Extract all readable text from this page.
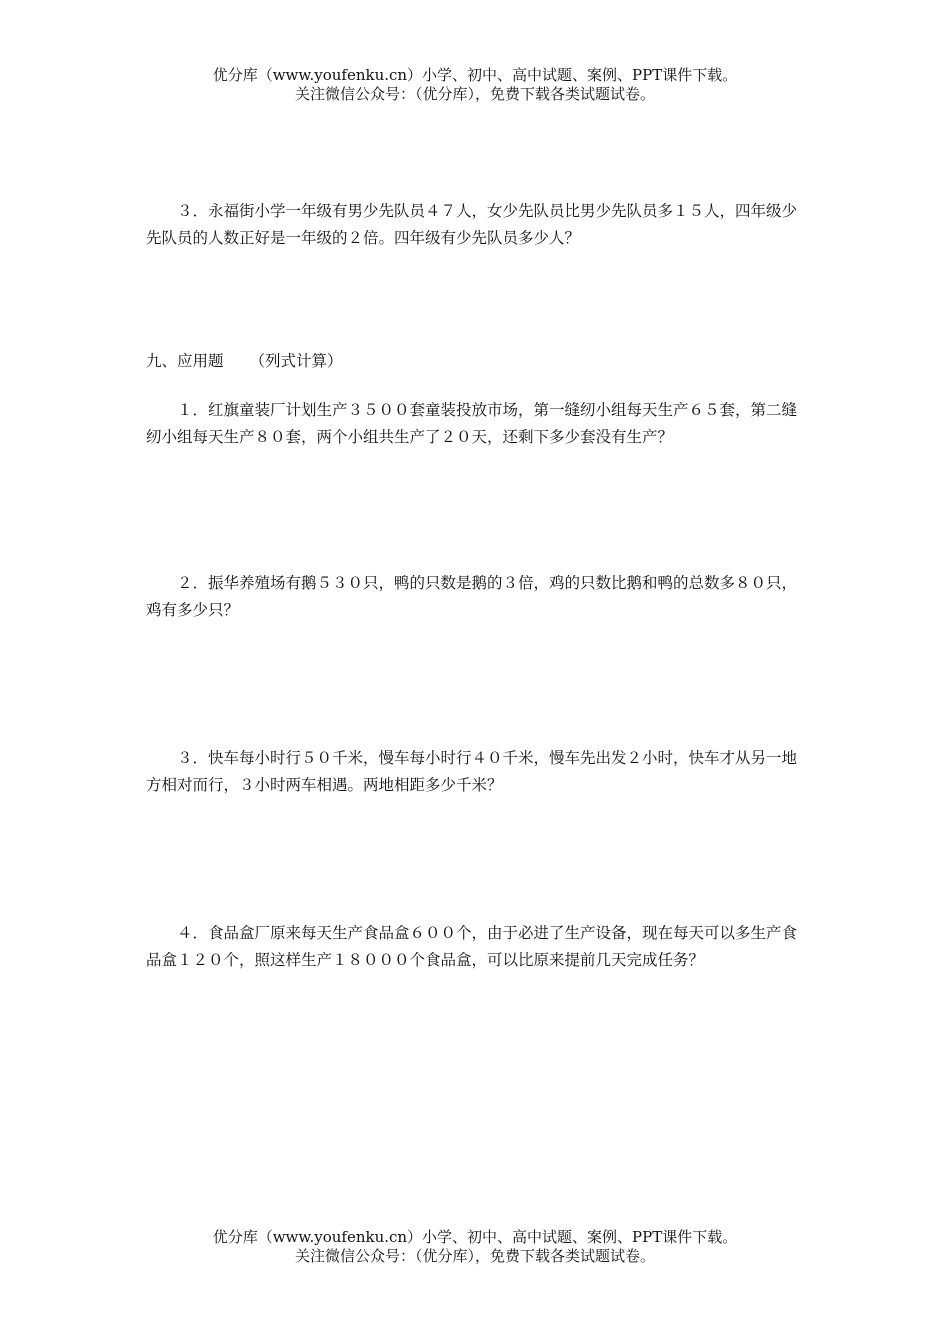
优分库（www.youfenku.cn）小学、初中、高中试题、案例、PPT课件下载。
关注微信公众号：（优分库），免费下载各类试题试卷。

３．永福街小学一年级有男少先队员４７人，女少先队员比男少先队员多１５人，四年级少先队员的人数正好是一年级的２倍。四年级有少先队员多少人？

九、应用题 （列式计算）

１．红旗童装厂计划生产３５００套童装投放市场，第一缝纫小组每天生产６５套，第二缝纫小组每天生产８０套，两个小组共生产了２０天，还剩下多少套没有生产？

２．振华养殖场有鹅５３０只，鸭的只数是鹅的３倍，鸡的只数比鹅和鸭的总数多８０只，鸡有多少只？

３．快车每小时行５０千米，慢车每小时行４０千米，慢车先出发２小时，快车才从另一地方相对而行，３小时两车相遇。两地相距多少千米？

４．食品盒厂原来每天生产食品盒６００个，由于必进了生产设备，现在每天可以多生产食品盒１２０个，照这样生产１８０００个食品盒，可以比原来提前几天完成任务？

优分库（www.youfenku.cn）小学、初中、高中试题、案例、PPT课件下载。
关注微信公众号：（优分库），免费下载各类试题试卷。
